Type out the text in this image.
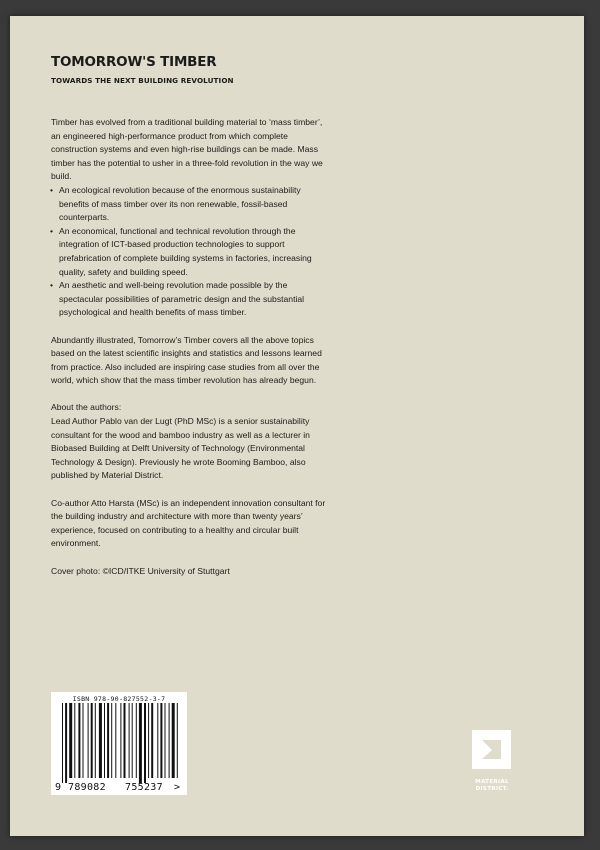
TOMORROW'S TIMBER
TOWARDS THE NEXT BUILDING REVOLUTION

Timber has evolved from a traditional building material to ‘mass timber’, an engineered high-performance product from which complete construction systems and even high-rise buildings can be made. Mass timber has the potential to usher in a three-fold revolution in the way we build.

• An ecological revolution because of the enormous sustainability benefits of mass timber over its non renewable, fossil-based counterparts.
• An economical, functional and technical revolution through the integration of ICT-based production technologies to support prefabrication of complete building systems in factories, increasing quality, safety and building speed.
• An aesthetic and well-being revolution made possible by the spectacular possibilities of parametric design and the substantial psychological and health benefits of mass timber.

Abundantly illustrated, Tomorrow’s Timber covers all the above topics based on the latest scientific insights and statistics and lessons learned from practice. Also included are inspiring case studies from all over the world, which show that the mass timber revolution has already begun.

About the authors:

Lead Author Pablo van der Lugt (PhD MSc) is a senior sustainability consultant for the wood and bamboo industry as well as a lecturer in Biobased Building at Delft University of Technology (Environmental Technology & Design). Previously he wrote Booming Bamboo, also published by Material District.

Co-author Atto Harsta (MSc) is an independent innovation consultant for the building industry and architecture with more than twenty years’ experience, focused on contributing to a healthy and circular built environment.

Cover photo: ©ICD/ITKE University of Stuttgart

ISBN 978-90-827552-3-7
9 789082 755237 >	MATERIAL
DISTRICT.
